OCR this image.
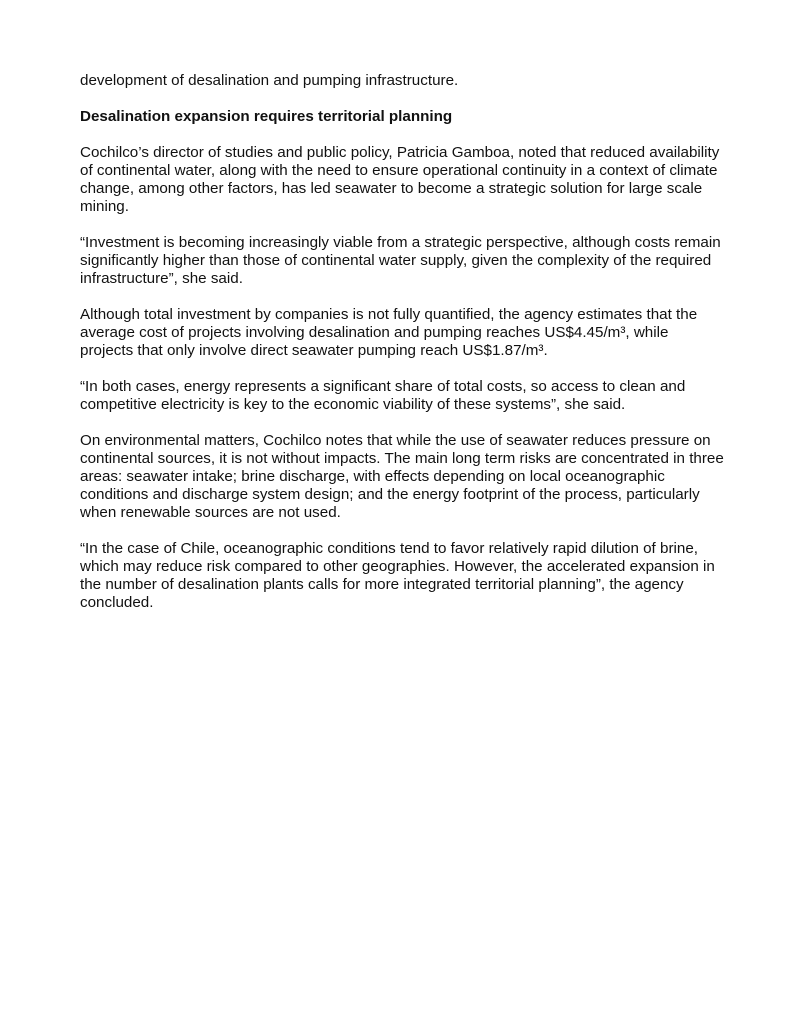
development of desalination and pumping infrastructure.

Desalination expansion requires territorial planning

Cochilco’s director of studies and public policy, Patricia Gamboa, noted that reduced availability of continental water, along with the need to ensure operational continuity in a context of climate change, among other factors, has led seawater to become a strategic solution for large scale mining.

“Investment is becoming increasingly viable from a strategic perspective, although costs remain significantly higher than those of continental water supply, given the complexity of the required infrastructure”, she said.

Although total investment by companies is not fully quantified, the agency estimates that the average cost of projects involving desalination and pumping reaches US$4.45/m³, while projects that only involve direct seawater pumping reach US$1.87/m³.

“In both cases, energy represents a significant share of total costs, so access to clean and competitive electricity is key to the economic viability of these systems”, she said.

On environmental matters, Cochilco notes that while the use of seawater reduces pressure on continental sources, it is not without impacts. The main long term risks are concentrated in three areas: seawater intake; brine discharge, with effects depending on local oceanographic conditions and discharge system design; and the energy footprint of the process, particularly when renewable sources are not used.

“In the case of Chile, oceanographic conditions tend to favor relatively rapid dilution of brine, which may reduce risk compared to other geographies. However, the accelerated expansion in the number of desalination plants calls for more integrated territorial planning”, the agency concluded.
